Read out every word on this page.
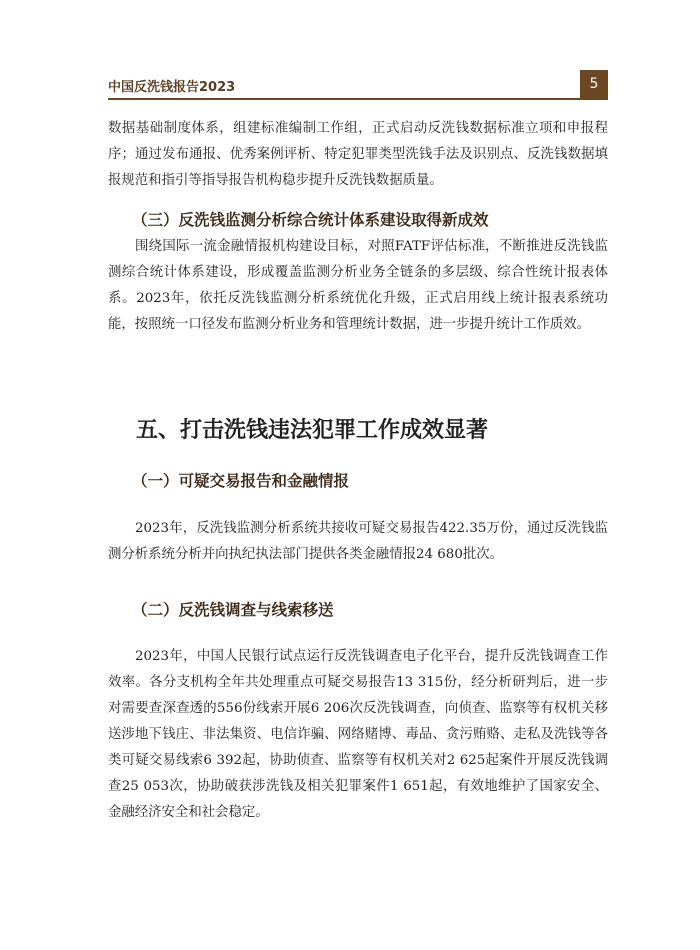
中国反洗钱报告2023	5

数据基础制度体系，组建标准编制工作组，正式启动反洗钱数据标准立项和申报程序；通过发布通报、优秀案例评析、特定犯罪类型洗钱手法及识别点、反洗钱数据填报规范和指引等指导报告机构稳步提升反洗钱数据质量。

（三）反洗钱监测分析综合统计体系建设取得新成效

围绕国际一流金融情报机构建设目标，对照FATF评估标准，不断推进反洗钱监测综合统计体系建设，形成覆盖监测分析业务全链条的多层级、综合性统计报表体系。2023年，依托反洗钱监测分析系统优化升级，正式启用线上统计报表系统功能，按照统一口径发布监测分析业务和管理统计数据，进一步提升统计工作质效。

五、打击洗钱违法犯罪工作成效显著
（一）可疑交易报告和金融情报

2023年，反洗钱监测分析系统共接收可疑交易报告422.35万份，通过反洗钱监测分析系统分析并向执纪执法部门提供各类金融情报24 680批次。

（二）反洗钱调查与线索移送

2023年，中国人民银行试点运行反洗钱调查电子化平台，提升反洗钱调查工作效率。各分支机构全年共处理重点可疑交易报告13 315份，经分析研判后，进一步对需要查深查透的556份线索开展6 206次反洗钱调查，向侦查、监察等有权机关移送涉地下钱庄、非法集资、电信诈骗、网络赌博、毒品、贪污贿赂、走私及洗钱等各类可疑交易线索6 392起，协助侦查、监察等有权机关对2 625起案件开展反洗钱调查25 053次，协助破获涉洗钱及相关犯罪案件1 651起，有效地维护了国家安全、金融经济安全和社会稳定。
